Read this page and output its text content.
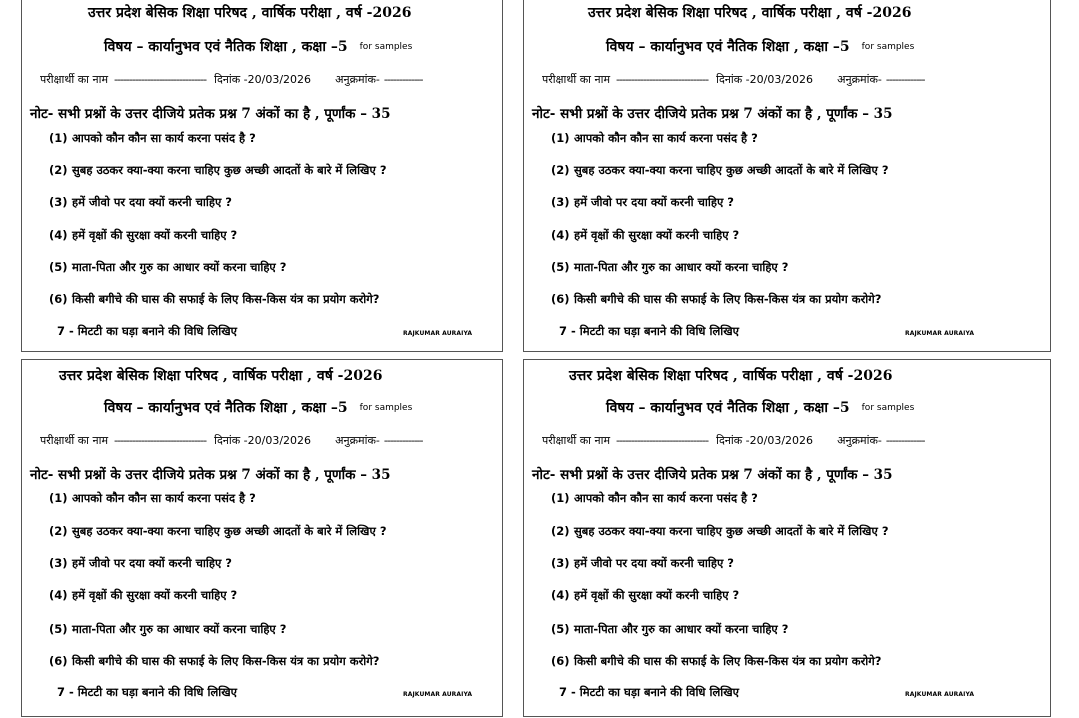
उत्तर प्रदेश बेसिक शिक्षा परिषद , वार्षिक परीक्षा , वर्ष -2026
विषय – कार्यानुभव एवं नैतिक शिक्षा , कक्षा –5 for samples
परीक्षार्थी का नाम ------------------------------- दिनांक -20/03/2026 अनुक्रमांक- -------------
नोट- सभी प्रश्नों के उत्तर दीजिये प्रतेक प्रश्न 7 अंकों का है , पूर्णांक – 35
(1) आपको कौन कौन सा कार्य करना पसंद है ?
(2) सुबह उठकर क्या-क्या करना चाहिए कुछ अच्छी आदतों के बारे में लिखिए ?
(3) हमें जीवो पर दया क्यों करनी चाहिए ?
(4) हमें वृक्षों की सुरक्षा क्यों करनी चाहिए ?
(5) माता-पिता और गुरु का आधार क्यों करना चाहिए ?
(6) किसी बगीचे की घास की सफाई के लिए किस-किस यंत्र का प्रयोग करोगे?
7 - मिटटी का घड़ा बनाने की विधि लिखिए	RAJKUMAR AURAIYA
उत्तर प्रदेश बेसिक शिक्षा परिषद , वार्षिक परीक्षा , वर्ष -2026
विषय – कार्यानुभव एवं नैतिक शिक्षा , कक्षा –5 for samples
परीक्षार्थी का नाम ------------------------------- दिनांक -20/03/2026 अनुक्रमांक- -------------
नोट- सभी प्रश्नों के उत्तर दीजिये प्रतेक प्रश्न 7 अंकों का है , पूर्णांक – 35
(1) आपको कौन कौन सा कार्य करना पसंद है ?
(2) सुबह उठकर क्या-क्या करना चाहिए कुछ अच्छी आदतों के बारे में लिखिए ?
(3) हमें जीवो पर दया क्यों करनी चाहिए ?
(4) हमें वृक्षों की सुरक्षा क्यों करनी चाहिए ?
(5) माता-पिता और गुरु का आधार क्यों करना चाहिए ?
(6) किसी बगीचे की घास की सफाई के लिए किस-किस यंत्र का प्रयोग करोगे?
7 - मिटटी का घड़ा बनाने की विधि लिखिए	RAJKUMAR AURAIYA
उत्तर प्रदेश बेसिक शिक्षा परिषद , वार्षिक परीक्षा , वर्ष -2026
विषय – कार्यानुभव एवं नैतिक शिक्षा , कक्षा –5 for samples
परीक्षार्थी का नाम ------------------------------- दिनांक -20/03/2026 अनुक्रमांक- -------------
नोट- सभी प्रश्नों के उत्तर दीजिये प्रतेक प्रश्न 7 अंकों का है , पूर्णांक – 35
(1) आपको कौन कौन सा कार्य करना पसंद है ?
(2) सुबह उठकर क्या-क्या करना चाहिए कुछ अच्छी आदतों के बारे में लिखिए ?
(3) हमें जीवो पर दया क्यों करनी चाहिए ?
(4) हमें वृक्षों की सुरक्षा क्यों करनी चाहिए ?
(5) माता-पिता और गुरु का आधार क्यों करना चाहिए ?
(6) किसी बगीचे की घास की सफाई के लिए किस-किस यंत्र का प्रयोग करोगे?
7 - मिटटी का घड़ा बनाने की विधि लिखिए	RAJKUMAR AURAIYA
उत्तर प्रदेश बेसिक शिक्षा परिषद , वार्षिक परीक्षा , वर्ष -2026
विषय – कार्यानुभव एवं नैतिक शिक्षा , कक्षा –5 for samples
परीक्षार्थी का नाम ------------------------------- दिनांक -20/03/2026 अनुक्रमांक- -------------
नोट- सभी प्रश्नों के उत्तर दीजिये प्रतेक प्रश्न 7 अंकों का है , पूर्णांक – 35
(1) आपको कौन कौन सा कार्य करना पसंद है ?
(2) सुबह उठकर क्या-क्या करना चाहिए कुछ अच्छी आदतों के बारे में लिखिए ?
(3) हमें जीवो पर दया क्यों करनी चाहिए ?
(4) हमें वृक्षों की सुरक्षा क्यों करनी चाहिए ?
(5) माता-पिता और गुरु का आधार क्यों करना चाहिए ?
(6) किसी बगीचे की घास की सफाई के लिए किस-किस यंत्र का प्रयोग करोगे?
7 - मिटटी का घड़ा बनाने की विधि लिखिए	RAJKUMAR AURAIYA
